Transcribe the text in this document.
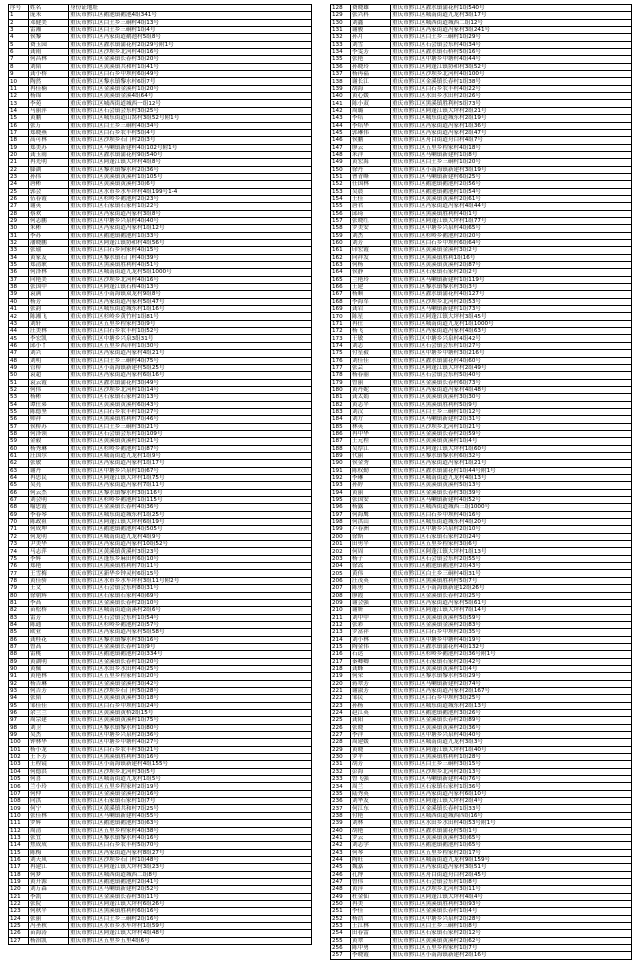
序号	姓名	身份证地址
1	庞未	重庆市黔江区鹅池镇鹅池4组341号
2	邓健美	重庆市黔江区白土乡三硐村4组13号
3	雷湘	重庆市黔江区白土乡三硐村1组4号
4	侯黎	重庆市黔江区冯家街道鹅池村5组8号
5	费玉园	重庆市黔江区濯水镇蒲花村2组29号附1号
6	龚雨	重庆市黔江区沙坝乡北河村4组16号
7	何昌林	重庆市黔江区金溪镇长春村3组20号
8	刘韬	重庆市黔江区黄溪镇共和村1组41号
9	龚小桥	重庆市黔江区白石乡中坝村6组49号
10	陶然	重庆市黔江区黎水镇黎水村6组7号
11	冉佳楠	重庆市黔江区金溪镇金溪村1组20号
12	杨锦	重庆市黔江区黄溪镇金溪4组64号
13	李苑	重庆市黔江区城西街道城西一组12号
14	马丽萍	重庆市黔江区石会镇会东村3组25号
15	黄鹏	重庆市黔江区城东街道山窝村3组52号附1号
16	张万	重庆市黔江区白土乡三硐村4组34号
17	郑晓燕	重庆市黔江区白石乡农丰村5组4号
18	高可林	重庆市黔江区沙坝乡石门村2组3号
19	郑美苏	重庆市黔江区马喇镇新建村4组102号附1号
20	龚玉雨	重庆市黔江区濯水镇蒲花村9组540号
21	冉光明	重庆市黔江区阿蓬江镇大坪村4组8号
22	滕湖	重庆市黔江区黎水镇黎水村2组36号
23	孙伟	重庆市黔江区黄溪镇黄溪村1组105号
24	唐彬	重庆市黔江区黄溪镇黄溪村3组6号
25	郭会	重庆市黔江区水市乡水车坪村4组199号1-4
26	伍春霞	重庆市黔江区杉岭乡鹅池村2组23号
27	谢英	重庆市黔江区石家镇石家村1组22号
28	蔡欢	重庆市黔江区冯家街道冯家村3组8号
29	何志鹏	重庆市黔江区中塘乡兴泉村4组40号
30	朱彬	重庆市黔江区冯家街道冯家村1组12号
31	李苏	重庆市黔江区鹅池镇鹅池村1组33号
32	潘晓鹏	重庆市黔江区阿蓬江镇协和村4组56号
33	张瑜	重庆市黔江区白石乡向家村4组15号
34	黄家友	重庆市黔江区黎水镇石门村4组39号
35	郑清耿	重庆市黔江区黑溪镇胜利村4组51号
36	何泽林	重庆市黔江区城南街道九龙村5组1000号
37	向艳美	重庆市黔江区沙坝乡北河村4组16号
38	张国中	重庆市黔江区阿蓬江镇石桥4组13号
39	袁满	重庆市黔江区小南海镇双龙村9组8号
40	杨芳	重庆市黔江区冯家街道冯家村5组47号
41	张韵	重庆市黔江区城东街道城东村1组16号
42	陈湘飞	重庆市黔江区杉岭乡黄竹村1组81号
43	刘轩	重庆市黔江区五里乡程家村3组9号
44	汪美林	重庆市黔江区白石乡农丰村1组52号
45	李宏凯	重庆市黔江区中塘乡兴泉3组31号
46	邱小丫	重庆市黔江区五里乡西洋村1组30号
47	刘兴	重庆市黔江区冯家街道冯家村4组21号
48	刘明	重庆市黔江区白土乡三硐村4组75号
49	管桥	重庆市黔江区小南海镇新建村5组25号
50	袁超	重庆市黔江区冯家街道冯家村6组16号
51	袁云霞	重庆市黔江区濯水镇蒲花村3组49号
52	何伟	重庆市黔江区沙坝乡北河村1组14号
53	杨彬	重庆市黔江区石家镇石家村2组13号
54	谭仕弟	重庆市黔江区黄溪镇黄溪村6组43号
55	陈德坚	重庆市黔江区白石乡农丰村1组27号
56	帅祥	重庆市黔江区黑溪镇胜利村7组46号
57	侯桥苏	重庆市黔江区白土乡三硐村3组21号
58	何泽领	重庆市黔江区石会镇会东村1组109号
59	金毅	重庆市黔江区黄溪镇黄溪村1组21号
60	杨秀琳	重庆市黔江区杉岭乡鹅池村1组87号
61	汪国尔	重庆市黔江区城南街道九龙村1组9号
62	张敏	重庆市黔江区冯家街道冯家村1组17号
63	谢丹	重庆市黔江区中塘乡兴泉村1组67号
64	冉思民	重庆市黔江区阿蓬江镇大坪村1组75号
65	吴亮	重庆市黔江区冯家街道冯家村7组11号
66	何云杰	重庆市黔江区黎水镇黎水村3组116号
67	刘会明	重庆市黔江区杉岭乡鹅池村1组115号
68	喻思霞	重庆市黔江区金溪镇长春村4组36号
69	李春琴	重庆市黔江区城东街道城东村1组25号
70	陈政祖	重庆市黔江区阿蓬江镇大坪村6组19号
71	何成坤	重庆市黔江区鹅池镇鹅池村4组505号
72	何龙明	重庆市黔江区城南街道九龙村4组9号
73	尹美华	重庆市黔江区冯家街道冯家村10组52号
74	马志萍	重庆市黔江区黄溪镇黄溪村3组23号
75	李辉	重庆市黔江区蓬东乡麻田村6组10号
76	郑艳	重庆市黔江区黑溪镇胜利村7组11号
77	王雪梅	重庆市黔江区新华乡钟灵村6组15号
78	黄佳骄	重庆市黔江区水市乡水车坪村3组11号附2号
79	王文	重庆市黔江区石会镇会东村8组31号
80	徐朝辉	重庆市黔江区石家镇石家村4组69号
81	李高	重庆市黔江区金溪镇长春村2组10号
82	苗松桥	重庆市黔江区城南街道南溪村2组6号
83	雷芳	重庆市黔江区石会镇会东村1组54号
84	陈通	重庆市黔江区杉岭乡鹅池村2组57号
85	欧亚	重庆市黔江区冯家街道冯家村5组58号
86	龚桂花	重庆市黔江区黎水镇黎水村3组16号
87	曾高	重庆市黔江区金溪镇长春村1组9号
88	雷桃	重庆市黔江区鹅池镇鹅池村2组334号
89	黄湖明	重庆市黔江区金溪镇长春村1组20号
90	黄佩	重庆市黔江区水田乡水田村4组25号
91	黄艳林	重庆市黔江区五里乡程家村1组20号
92	杨吉琳	重庆市黔江区金溪镇金溪村3组42号
93	何吉芳	重庆市黔江区沙坝乡石门村5组28号
94	张韬	重庆市黔江区黄溪镇黄溪村3组18号
95	邹佳佳	重庆市黔江区白石乡中坝村1组24号
96	余兰兰	重庆市黔江区黄溪镇黄桥2组15号
97	周宗建	重庆市黔江区黄溪镇黄溪村1组75号
98	刘卫	重庆市黔江区黎水镇黎水村1组80号
99	吴杰	重庆市黔江区中塘乡兴泉村2组36号
100	钟林华	重庆市黔江区中塘乡中塘村4组27号
101	杨小龙	重庆市黔江区白石乡农丰村3组21号
102	王卜芳	重庆市黔江区黑溪镇胜利村3组16号
103	王程镜	重庆市黔江区小南海镇新建村4组155号
104	何德洪	重庆市黔江区沙坝乡北河村3组5号
105	何喜	重庆市黔江区城南街道九龙村1组5号
106	兰小玲	重庆市黔江区五里乡程家村2组19号
107	何仲	重庆市黔江区金溪镇金溪村2组16号
108	向洪	重庆市黔江区石家镇石家村1组7号
109	何宁	重庆市黔江区黄溪镇共和村7组25号
110	张佳林	重庆市黔江区马喇镇新建村4组55号
111	罗辉	重庆市黔江区鹅池镇鹅池村3组63号
112	周清	重庆市黔江区五里乡程家村4组38号
113	张宜	重庆市黔江区黎水镇黎水村4组16号
114	焦成成	重庆市黔江区白石乡农丰村5组70号
115	陈梅	重庆市黔江区冯家街道冯家村8组27号
116	刘天凤	重庆市黔江区沙坝乡石门村1组48号
117	冉建江	重庆市黔江区阿蓬江镇大坪村3组23号
118	何梦	重庆市黔江区城西街道城西二组8号
119	黄开源	重庆市黔江区鹅池镇鹅池村2组41号
120	刘万森	重庆市黔江区马喇镇新建村2组52号
121	李凯	重庆市黔江区金溪镇长春村3组11号
122	张院	重庆市黔江区阿蓬江镇大坪村6组26号
123	何秋平	重庆市黔江区黑溪镇胜利村6组16号
124	张丽	重庆市黔江区白土乡三硐村2组16号
125	冯圣秋	重庆市黔江区水市乡水车坪村1组59号
126	苗海涛	重庆市黔江区阿蓬江镇大坪村4组48号
127	杨治凯	重庆市黔江区五里乡五里4组6号
128	费晓雄	重庆市黔江区濯水镇蒲花村1组540号
129	张兴科	重庆市黔江区城南街道九龙村3组17号
130	刘鑫	重庆市黔江区城西街道城西二组12号
131	谢骏	重庆市黔江区冯家街道冯家村3组241号
132	孙月	重庆市黔江区白土乡三硐村1组29号
133	刘雪	重庆市黔江区石会镇会东村4组34号
134	李雯芳	重庆市黔江区濯水镇石桥村5组16号
135	张艳	重庆市黔江区中塘乡中塘村4组44号
136	孙晓玲	重庆市黔江区阿蓬江镇协和村3组52号
137	杨再福	重庆市黔江区沙坝乡北河村4组100号
138	谢长江	重庆市黔江区金溪镇长春村1组38号
139	胡海	重庆市黔江区白石乡农丰村4组22号
140	黄心媛	重庆市黔江区水田乡水田村2组26号
141	陈小双	重庆市黔江区黑溪镇胜利村5组73号
142	周璐	重庆市黔江区阿蓬江镇大坪村2组21号
143	李培	重庆市黔江区城东街道城东村2组19号
144	李培华	重庆市黔江区冯家街道冯家村1组36号
145	郭琳伟	重庆市黔江区冯家街道冯家村2组47号
146	侯鹏	重庆市黔江区舟白街道舟白村4组7号
147	廖云	重庆市黔江区五里乡程家村4组18号
148	米洋	重庆市黔江区马喇镇新建村1组8号
149	黄宏海	重庆市黔江区白土乡三硐村1组20号
150	徐丹	重庆市黔江区小南海镇新建村3组19号
151	曹青峰	重庆市黔江区马喇镇新建村6组25号
152	任国林	重庆市黔江区鹅池镇鹅池村2组56号
153	吴晨	重庆市黔江区鹅池镇鹅池村1组54号
154	王佳	重庆市黔江区黄溪镇黄溪村2组61号
155	唐君	重庆市黔江区冯家街道冯家村4组44号
156	邱琦	重庆市黔江区黑溪镇胜利村4组1号
157	张晓红	重庆市黔江区阿蓬江镇大坪村1组77号
158	罗美安	重庆市黔江区中塘乡兴泉村4组65号
159	刘杰	重庆市黔江区杉岭乡鹅池村2组20号
160	刘芳	重庆市黔江区白石乡中坝村6组64号
161	印宏霞	重庆市黔江区黄溪镇金溪村3组2号
162	向祥发	重庆市黔江区黑溪镇胜利1组16号
163	何杨	重庆市黔江区黄溪镇黄溪村2组87号
164	侯静	重庆市黔江区石家镇石家村2组2号
165	兰艳玲	重庆市黔江区马喇镇新建村1组119号
166	王建	重庆市黔江区黎水镇黎水村3组3号
167	杨顺	重庆市黔江区濯水镇蒲花村4组127号
168	李海军	重庆市黔江区沙坝乡北河村2组53号
169	龚岩	重庆市黔江区马喇镇新建村1组73号
170	陈星	重庆市黔江区阿蓬江镇大坪村3组45号
171	冉仕	重庆市黔江区城南街道九龙村1组1000号
172	杨飞	重庆市黔江区冯家街道冯家村4组63号
173	王敏	重庆市黔江区中塘乡兴泉村4组42号
174	刘志	重庆市黔江区石会镇会东村1组27号
175	付星毅	重庆市黔江区中塘乡中塘村3组216号
176	刘佳佳	重庆市黔江区濯水镇蒲花村4组60号
177	张芸	重庆市黔江区阿蓬江镇大坪村2组49号
178	杨春丽	重庆市黔江区石会镇会东村5组40号
179	曾丽	重庆市黔江区金溪镇长春村6组73号
180	黄丹妮	重庆市黔江区冯家街道冯家村4组48号
181	龚太娟	重庆市黔江区黄溪镇黄溪村3组30号
182	黄志平	重庆市黔江区黑溪镇胜利村5组9号
183	刘汉	重庆市黔江区白土乡三硐村1组12号
184	刘方	重庆市黔江区马喇镇新建村2组31号
185	林英	重庆市黔江区沙坝乡北河村1组21号
186	冉中华	重庆市黔江区金溪镇长春村2组59号
187	王元程	重庆市黔江区黄溪镇黄溪村1组4号
188	吴厚江	重庆市黔江区阿蓬江镇大坪村1组60号
189	代丽	重庆市黔江区黎水镇黎水村6组32号
190	侯金秀	重庆市黔江区冯家街道冯家村1组21号
191	陈权勤	重庆市黔江区濯水镇蒲花村1组44号附1号
192	李琳	重庆市黔江区城南街道九龙村4组13号
193	孙婷	重庆市黔江区黄溪镇黄溪村5组13号
194	黄丽	重庆市黔江区金溪镇长春村3组39号
195	张国安	重庆市黔江区马喇镇新建村4组52号
196	杨露	重庆市黔江区城西街道城西三组1000号
197	何海鹰	重庆市黔江区白石乡中坝村4组16号
198	何洪山	重庆市黔江区城东街道城东村4组20号
199	卢春洲	重庆市黔江区中塘乡兴泉村2组10号
200	徐斯	重庆市黔江区石家镇石家村2组24号
201	田勇平	重庆市黔江区五里乡程家村3组6号
202	何周	重庆市黔江区阿蓬江镇大坪村1组13号
203	杨子	重庆市黔江区石会镇会东村2组55号
204	徐嵩	重庆市黔江区鹅池镇鹅池村2组43号
205	黄伟	重庆市黔江区白土乡三硐村4组31号
206	汪茂英	重庆市黔江区黑溪镇胜利村5组7号
207	陈勇	重庆市黔江区小南海镇新建12组26号
208	廖霞	重庆市黔江区金溪镇长春村2组25号
209	谢会强	重庆市黔江区冯家街道冯家村5组61号
210	谢妍	重庆市黔江区阿蓬江镇大坪村7组14号
211	刘中中	重庆市黔江区黄溪镇黄溪村5组59号
212	张彩	重庆市黔江区金溪镇金溪村2组83号
213	罗富祥	重庆市黔江区白石乡中坝村2组35号
214	刘小林	重庆市黔江区中塘乡中塘村4组19号
215	陶金伟	重庆市黔江区濯水镇蒲花村4组132号
216	石达	重庆市黔江区杉岭乡鹅池村2组36号附1号
217	秦卿卿	重庆市黔江区石家镇石家村2组42号
218	龚蜂	重庆市黔江区黄溪镇黄溪村1组4号
219	何荣	重庆市黔江区黎水镇黎水村5组29号
220	蒋翠芳	重庆市黔江区马喇镇新建村2组74号
221	谢淑芳	重庆市黔江区冯家街道冯家村2组167号
222	邹民	重庆市黔江区白石乡中坝村3组25号
223	孙杨	重庆市黔江区城东街道城东村2组13号
224	赵江英	重庆市黔江区鹅池镇鹅池村3组26号
225	龚阳	重庆市黔江区金溪镇长春村2组89号
226	张晓	重庆市黔江区黄溪镇黄溪村2组36号
227	李洋	重庆市黔江区中塘乡兴泉村4组40号
228	周建媛	重庆市黔江区城南街道九龙村3组3号
229	黄晓	重庆市黔江区阿蓬江镇大坪村1组40号
230	罗平	重庆市黔江区黑溪镇胜利村1组28号
231	胡芳	重庆市黔江区白土乡三硐村3组15号
232	彭海	重庆市黔江区沙坝乡北河村2组13号
233	曾飞强	重庆市黔江区马喇镇新建村4组76号
234	周兰	重庆市黔江区石家镇石家村1组36号
235	陆秀英	重庆市黔江区冯家街道冯家村6组10号
236	刘华友	重庆市黔江区阿蓬江镇大坪村2组4号
237	何江东	重庆市黔江区金溪镇长春村1组33号
238	付艳	重庆市黔江区城西街道城西四组16号
239	刘林	重庆市黔江区水田乡水田村4组53号附1号
240	胡艳	重庆市黔江区濯水镇蒲花村5组1号
241	罗云	重庆市黔江区黄溪镇黄溪村3组65号
242	刘志学	重庆市黔江区鹅池镇鹅池村1组65号
243	何琴	重庆市黔江区五里乡程家村2组17号
244	陶旺	重庆市黔江区城南街道九龙村9组159号
245	魏嘉	重庆市黔江区冯家街道冯家村3组51号
246	孔博	重庆市黔江区舟白街道舟白村2组45号
247	曾伟	重庆市黔江区石会镇会东村1组8号
248	黄萍	重庆市黔江区沙坝乡北河村3组11号
249	杜金仙	重庆市黔江区阿蓬江镇大坪村4组4号
250	冉美	重庆市黔江区黑溪镇胜利村3组93号
251	李佳	重庆市黔江区金溪镇长春村1组4号
252	杨浩	重庆市黔江区中塘乡兴泉村2组28号
253	王江林	重庆市黔江区白土乡三硐村1组8号
254	田春雷	重庆市黔江区石家镇石家村2组12号
255	黄翠	重庆市黔江区黄溪镇黄溪村2组62号
256	陈中勇	重庆市黔江区五里乡程家村1组7号
257	李晓霞	重庆市黔江区小南海镇新建村2组16号
